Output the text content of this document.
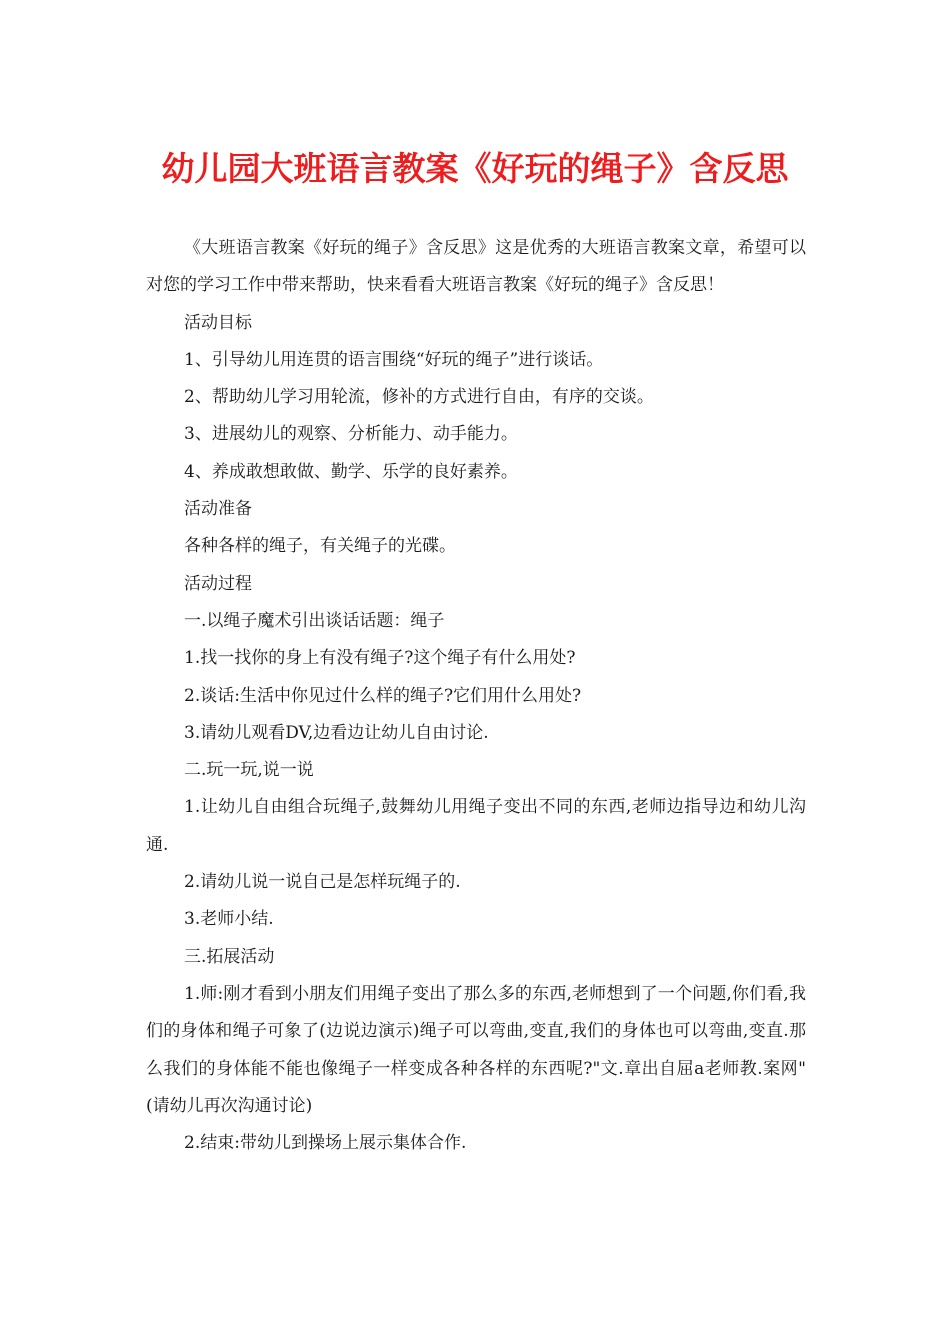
幼儿园大班语言教案《好玩的绳子》含反思

《大班语言教案《好玩的绳子》含反思》这是优秀的大班语言教案文章，希望可以对您的学习工作中带来帮助，快来看看大班语言教案《好玩的绳子》含反思！

活动目标

1、引导幼儿用连贯的语言围绕“好玩的绳子”进行谈话。

2、帮助幼儿学习用轮流，修补的方式进行自由，有序的交谈。

3、进展幼儿的观察、分析能力、动手能力。

4、养成敢想敢做、勤学、乐学的良好素养。

活动准备

各种各样的绳子，有关绳子的光碟。

活动过程

一.以绳子魔术引出谈话话题：绳子

1.找一找你的身上有没有绳子?这个绳子有什么用处?

2.谈话:生活中你见过什么样的绳子?它们用什么用处?

3.请幼儿观看DV,边看边让幼儿自由讨论.

二.玩一玩,说一说

1.让幼儿自由组合玩绳子,鼓舞幼儿用绳子变出不同的东西,老师边指导边和幼儿沟通.

2.请幼儿说一说自己是怎样玩绳子的.

3.老师小结.

三.拓展活动

1.师:刚才看到小朋友们用绳子变出了那么多的东西,老师想到了一个问题,你们看,我们的身体和绳子可象了(边说边演示)绳子可以弯曲,变直,我们的身体也可以弯曲,变直.那么我们的身体能不能也像绳子一样变成各种各样的东西呢?"文.章出自屈a老师教.案网"(请幼儿再次沟通讨论)

2.结束:带幼儿到操场上展示集体合作.
